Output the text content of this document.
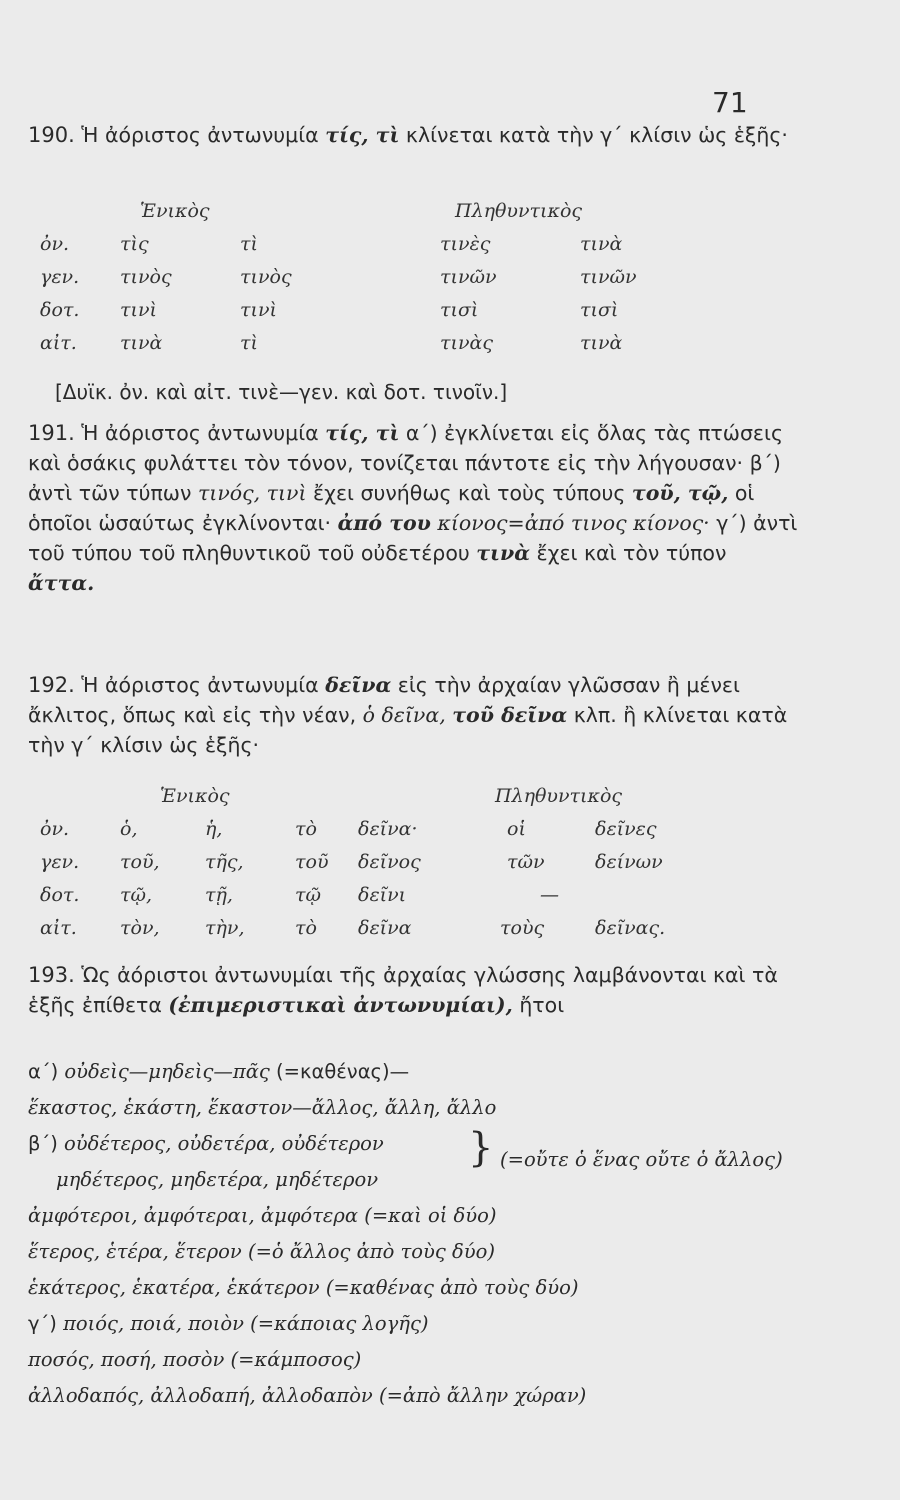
71
190. Ἡ ἀόριστος ἀντωνυμία τίς, τὶ κλίνεται κατὰ τὴν γ΄ κλίσιν ὡς ἑξῆς·
Ἑνικὸς	Πληθυντικὸς
ὀν.	τὶς	τὶ	τινὲς	τινὰ
γεν. τινὸς	τινὸς	τινῶν	τινῶν
δοτ. τινὶ	τινὶ	τισὶ	τισὶ
αἰτ. τινὰ	τὶ	τινὰς	τινὰ
[Δυϊκ. ὀν. καὶ αἰτ. τινὲ—γεν. καὶ δοτ. τινοῖν.]
191. Ἡ ἀόριστος ἀντωνυμία τίς, τὶ α΄) ἐγκλίνεται εἰς ὅλας τὰς πτώσεις καὶ ὁσάκις φυλάττει τὸν τόνον, τονίζεται πάντοτε εἰς τὴν λήγουσαν· β΄) ἀντὶ τῶν τύπων τινός, τινὶ ἔχει συνήθως καὶ τοὺς τύπους τοῦ, τῷ, οἱ ὁποῖοι ὡσαύτως ἐγκλίνονται· ἀπό του κίονος=ἀπό τινος κίονος· γ΄) ἀντὶ τοῦ τύπου τοῦ πληθυντικοῦ τοῦ οὐδετέρου τινὰ ἔχει καὶ τὸν τύπον ἄττα.
192. Ἡ ἀόριστος ἀντωνυμία δεῖνα εἰς τὴν ἀρχαίαν γλῶσσαν ἢ μένει ἄκλιτος, ὅπως καὶ εἰς τὴν νέαν, ὁ δεῖνα, τοῦ δεῖνα κλπ. ἢ κλίνεται κατὰ τὴν γ΄ κλίσιν ὡς ἑξῆς·
Ἑνικὸς	Πληθυντικὸς
ὀν.	ὁ,	ἡ,	τὸ δεῖνα·	οἱ	δεῖνες
γεν. τοῦ, τῆς,	τοῦ δεῖνος	τῶν	δείνων
δοτ. τῷ,	τῇ,	τῷ δεῖνι	—
αἰτ. τὸν, τὴν,	τὸ δεῖνα	τοὺς	δεῖνας.
193. Ὡς ἀόριστοι ἀντωνυμίαι τῆς ἀρχαίας γλώσσης λαμβάνονται καὶ τὰ ἑξῆς ἐπίθετα (ἐπιμεριστικαὶ ἀντωνυμίαι), ἤτοι
α΄) οὐδεὶς—μηδεὶς—πᾶς (=καθένας)—
ἕκαστος, ἑκάστη, ἕκαστον—ἄλλος, ἄλλη, ἄλλο
β΄) οὐδέτερος, οὐδετέρα, οὐδέτερον } (=οὔτε ὁ ἕνας οὔτε ὁ ἄλλος)
μηδέτερος, μηδετέρα, μηδέτερον
ἀμφότεροι, ἀμφότεραι, ἀμφότερα (=καὶ οἱ δύο)
ἕτερος, ἑτέρα, ἕτερον (=ὁ ἄλλος ἀπὸ τοὺς δύο)
ἑκάτερος, ἑκατέρα, ἑκάτερον (=καθένας ἀπὸ τοὺς δύο)
γ΄) ποιός, ποιά, ποιὸν (=κάποιας λογῆς)
ποσός, ποσή, ποσὸν (=κάμποσος)
ἀλλοδαπός, ἀλλοδαπή, ἀλλοδαπὸν (=ἀπὸ ἄλλην χώραν)
